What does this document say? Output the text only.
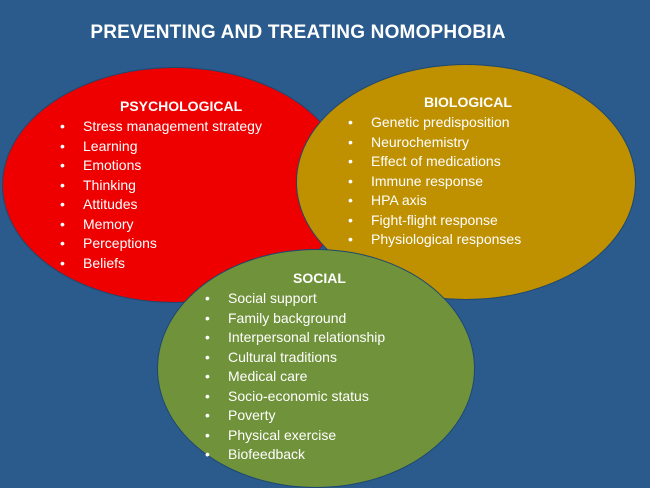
PREVENTING AND TREATING NOMOPHOBIA
PSYCHOLOGICAL
• Stress management strategy
• Learning
• Emotions
• Thinking
• Attitudes
• Memory
• Perceptions
• Beliefs
BIOLOGICAL
• Genetic predisposition
• Neurochemistry
• Effect of medications
• Immune response
• HPA axis
• Fight-flight response
• Physiological responses
SOCIAL
• Social support
• Family background
• Interpersonal relationship
• Cultural traditions
• Medical care
• Socio-economic status
• Poverty
• Physical exercise
• Biofeedback
